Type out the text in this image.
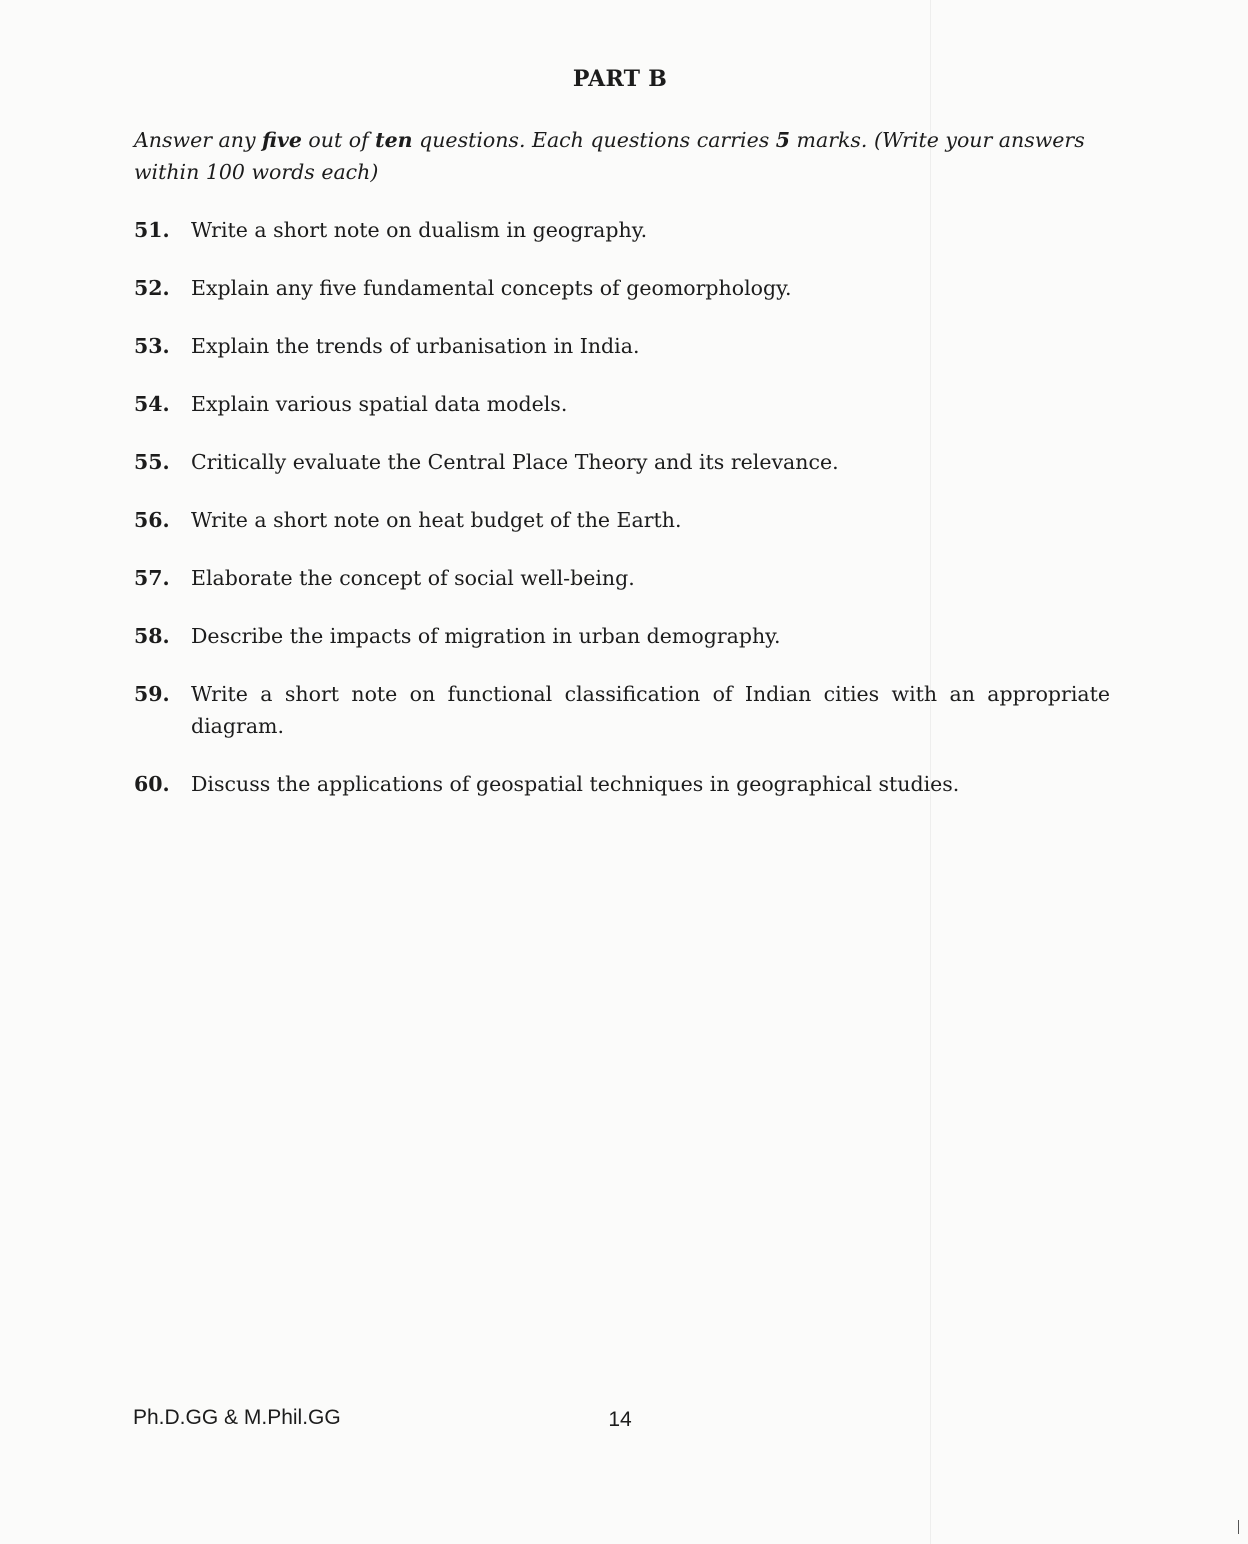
PART B
Answer any five out of ten questions. Each questions carries 5 marks. (Write your answers within 100 words each)
51.	Write a short note on dualism in geography.
52.	Explain any five fundamental concepts of geomorphology.
53.	Explain the trends of urbanisation in India.
54.	Explain various spatial data models.
55.	Critically evaluate the Central Place Theory and its relevance.
56.	Write a short note on heat budget of the Earth.
57.	Elaborate the concept of social well-being.
58.	Describe the impacts of migration in urban demography.
59.	Write a short note on functional classification of Indian cities with an appropriate diagram.
60.	Discuss the applications of geospatial techniques in geographical studies.
Ph.D.GG & M.Phil.GG	14
